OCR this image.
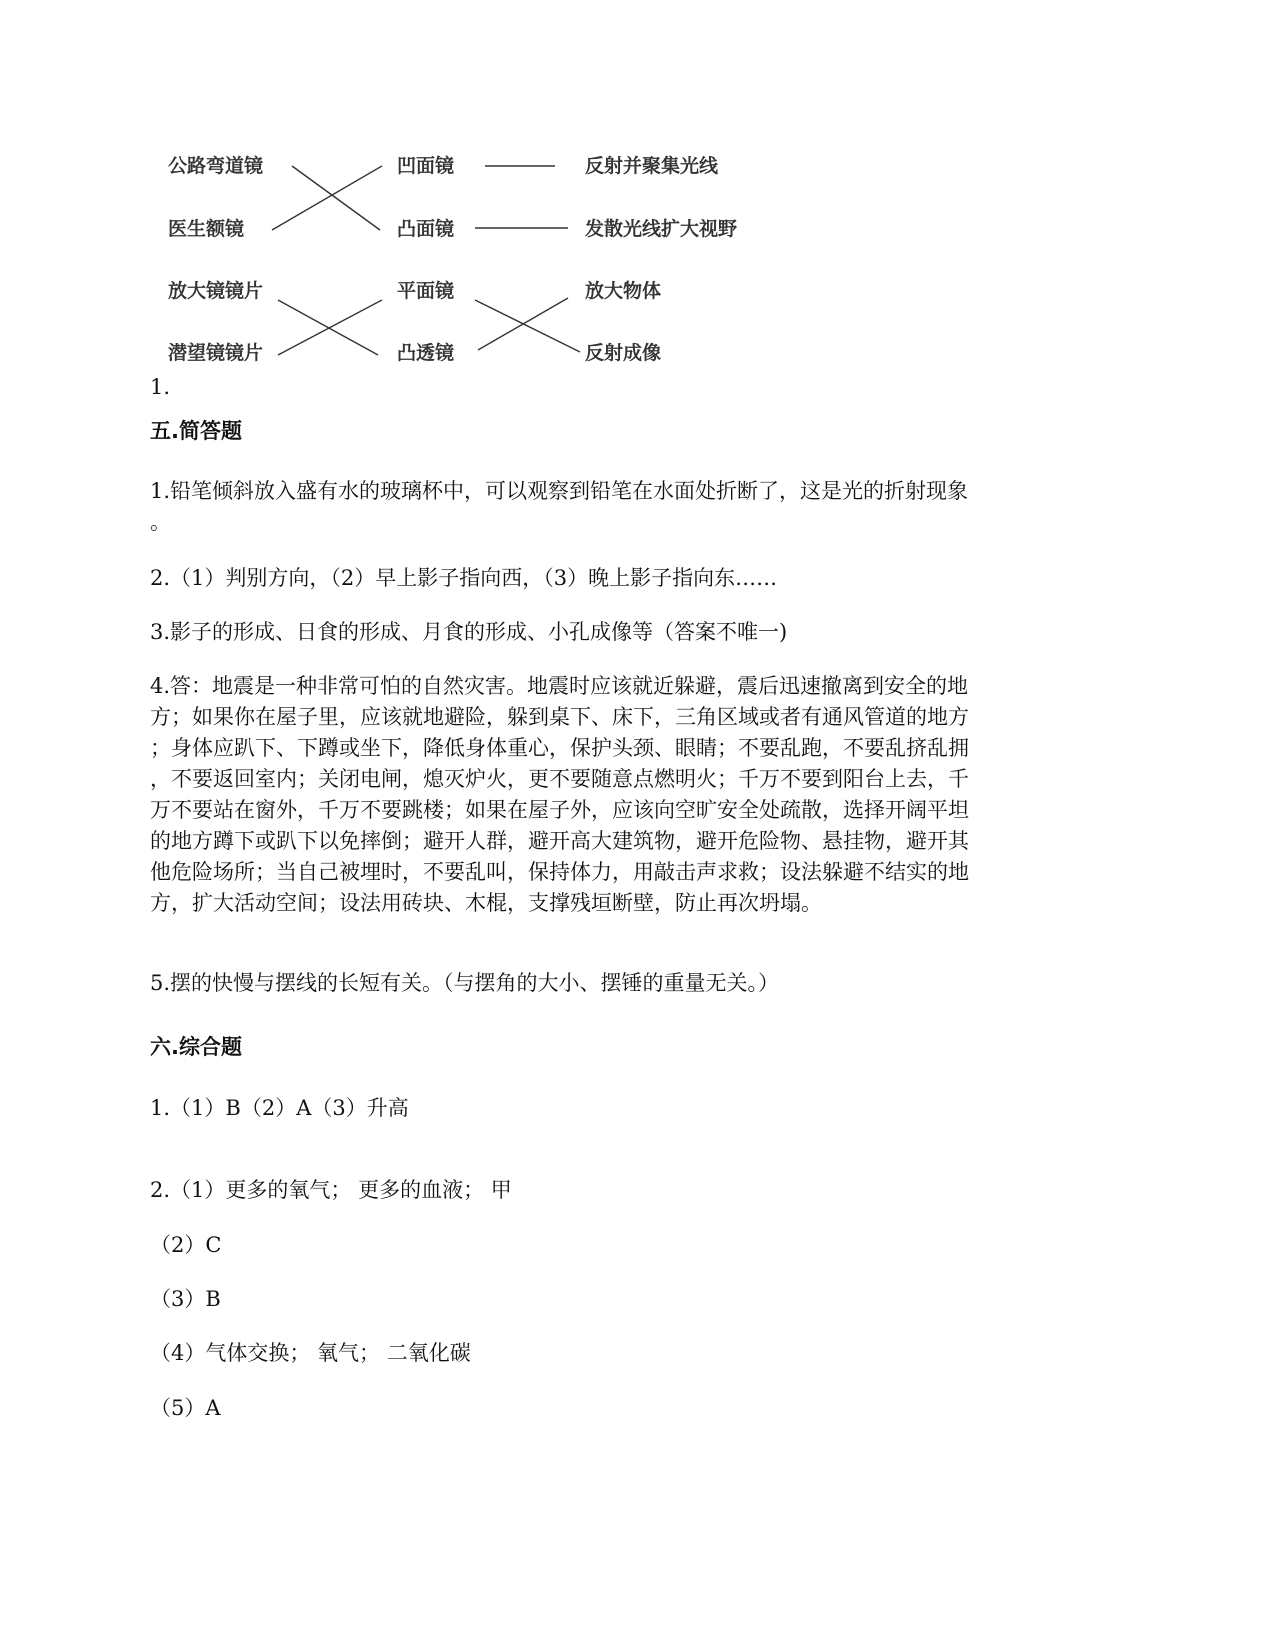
公路弯道镜	凹面镜	反射并聚集光线
医生额镜	凸面镜	发散光线扩大视野
放大镜镜片	平面镜	放大物体
潜望镜镜片	凸透镜	反射成像
1.
五.简答题

1.铅笔倾斜放入盛有水的玻璃杯中，可以观察到铅笔在水面处折断了，这是光的折射现象

。

2.（1）判别方向，（2）早上影子指向西，（3）晚上影子指向东……
3.影子的形成、日食的形成、月食的形成、小孔成像等（答案不唯一)

4.答：地震是一种非常可怕的自然灾害。地震时应该就近躲避，震后迅速撤离到安全的地

方；如果你在屋子里，应该就地避险，躲到桌下、床下，三角区域或者有通风管道的地方

；身体应趴下、下蹲或坐下，降低身体重心，保护头颈、眼睛；不要乱跑，不要乱挤乱拥

，不要返回室内；关闭电闸，熄灭炉火，更不要随意点燃明火；千万不要到阳台上去，千

万不要站在窗外，千万不要跳楼；如果在屋子外，应该向空旷安全处疏散，选择开阔平坦

的地方蹲下或趴下以免摔倒；避开人群，避开高大建筑物，避开危险物、悬挂物，避开其

他危险场所；当自己被埋时，不要乱叫，保持体力，用敲击声求救；设法躲避不结实的地

方，扩大活动空间；设法用砖块、木棍，支撑残垣断壁，防止再次坍塌。

5.摆的快慢与摆线的长短有关。（与摆角的大小、摆锤的重量无关。）
六.综合题
1.（1）B（2）A（3）升高
2.（1）更多的氧气； 更多的血液； 甲
（2）C
（3）B
（4）气体交换； 氧气； 二氧化碳
（5）A
